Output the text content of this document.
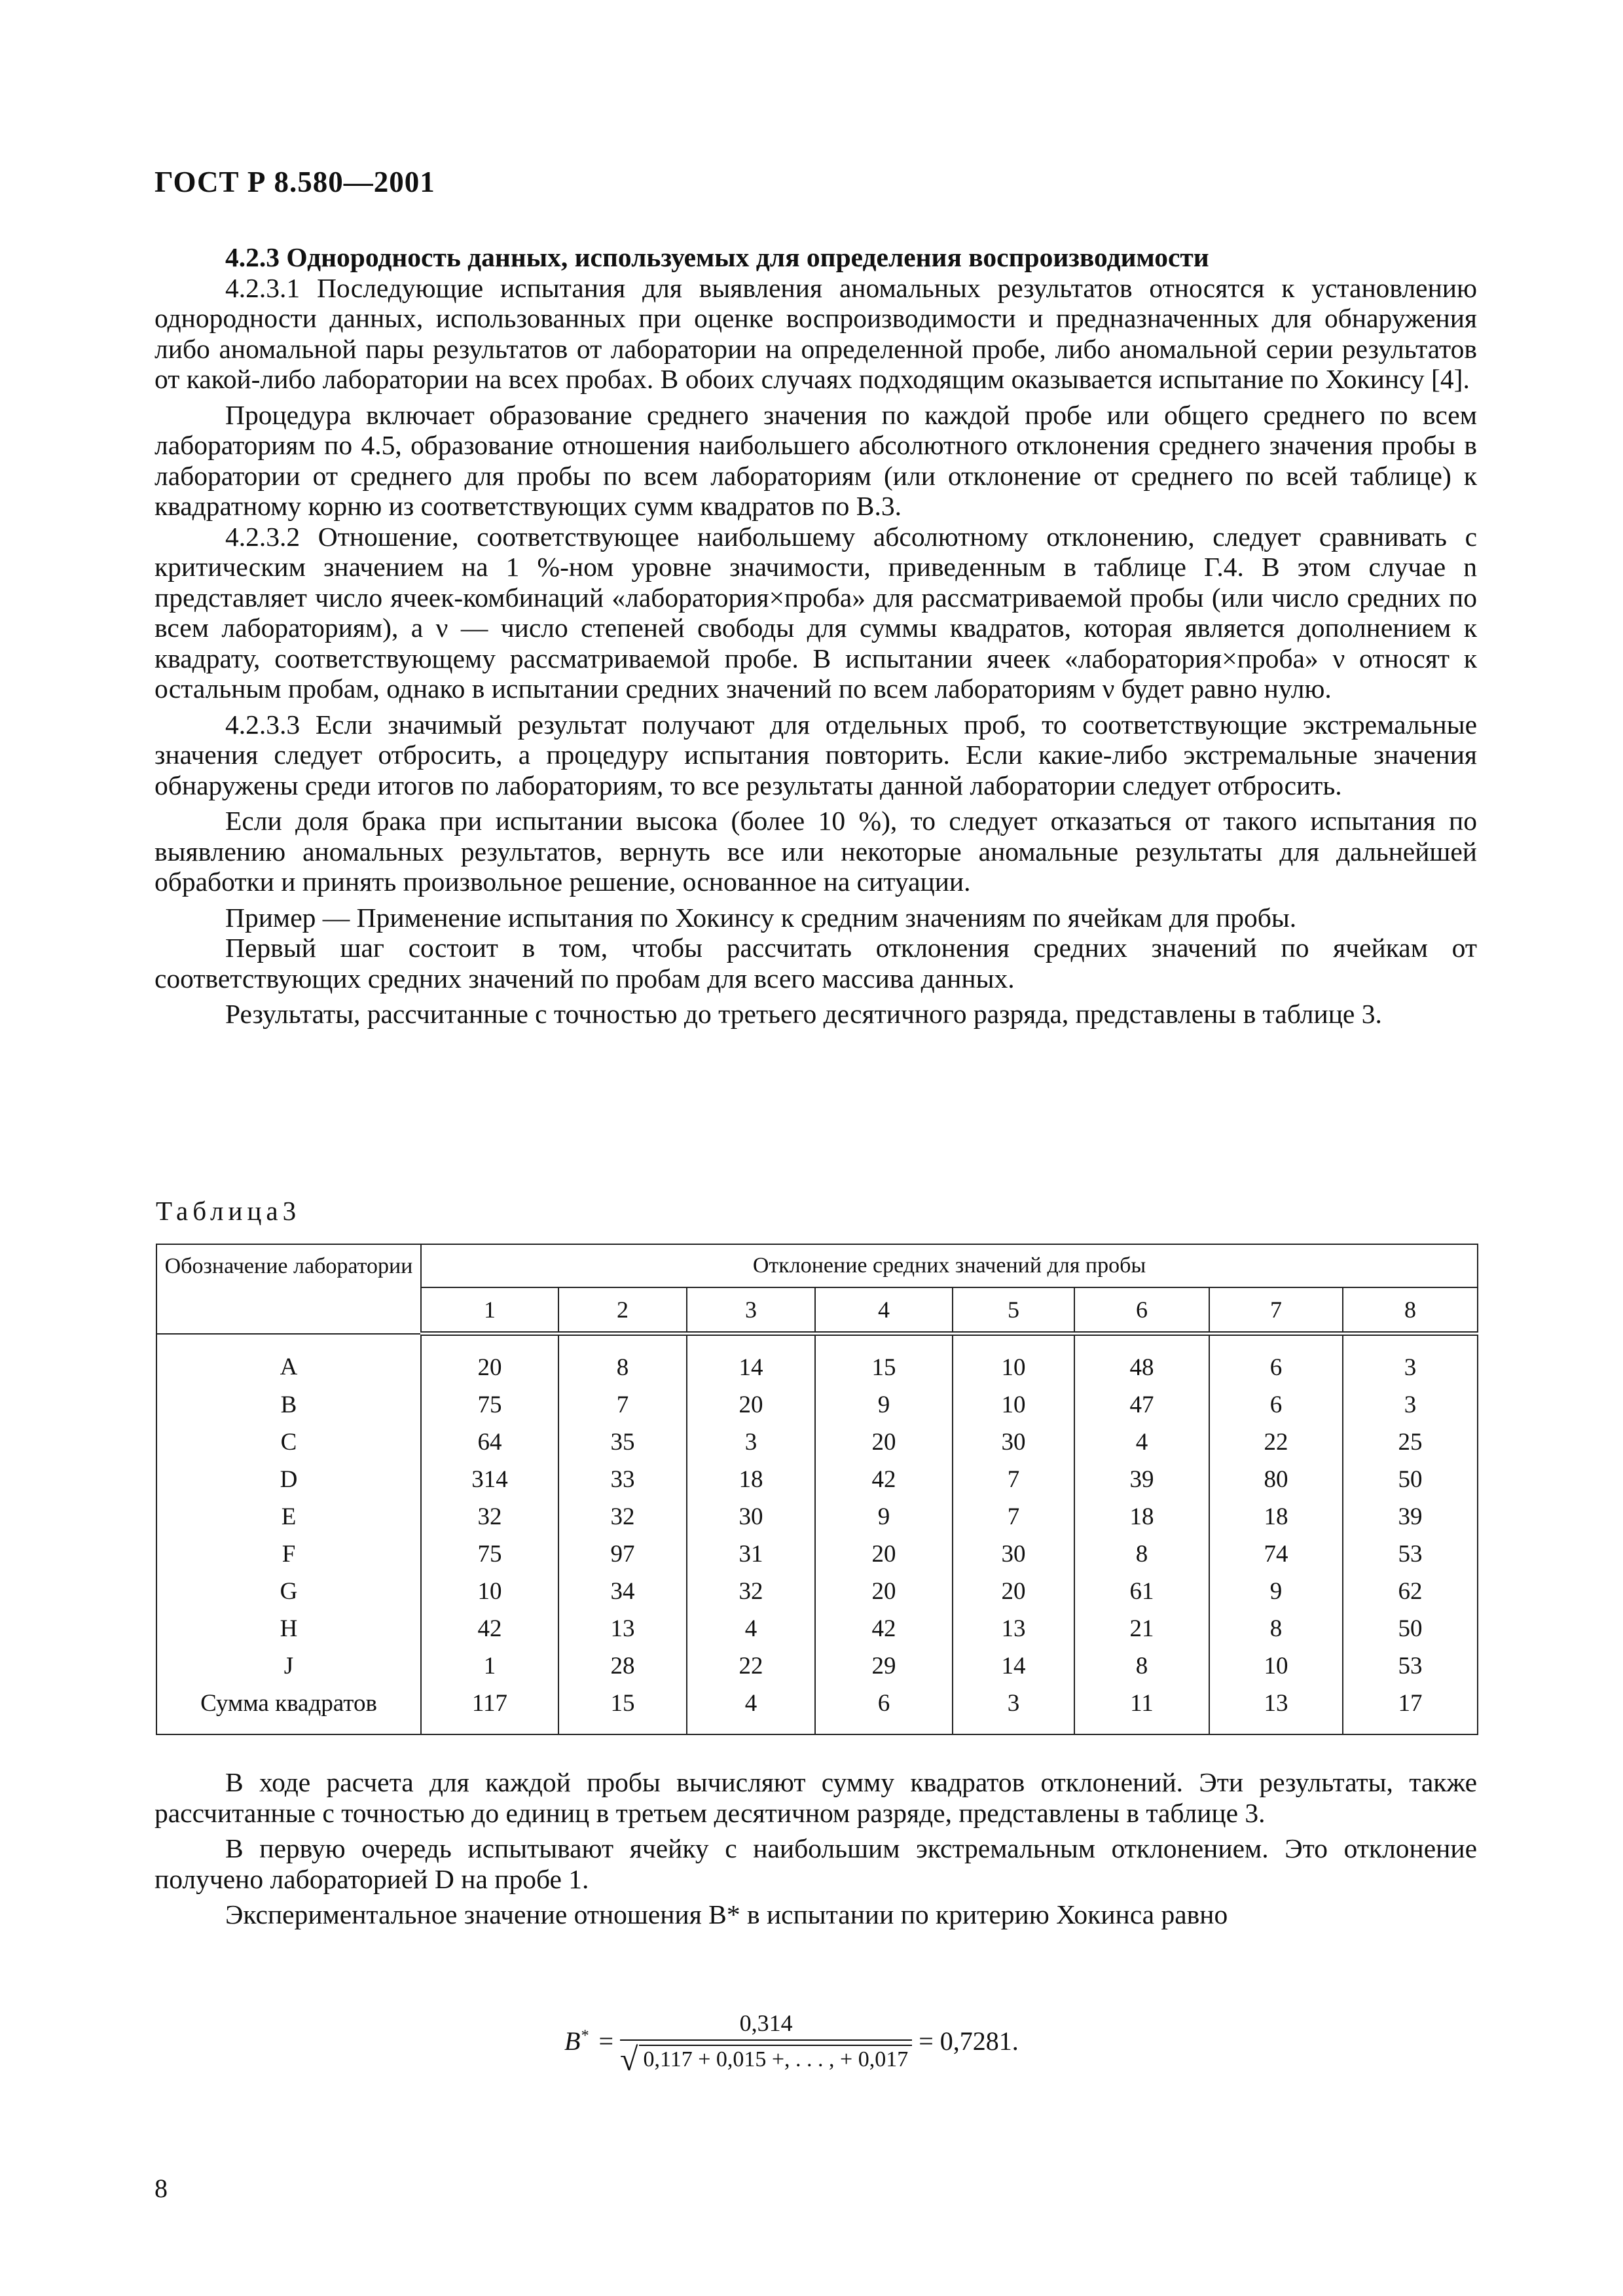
ГОСТ Р 8.580—2001

4.2.3 Однородность данных, используемых для определения воспроизводимости

4.2.3.1 Последующие испытания для выявления аномальных результатов относятся к установлению однородности данных, использованных при оценке воспроизводимости и предназначенных для обнаружения либо аномальной пары результатов от лаборатории на определенной пробе, либо аномальной серии результатов от какой-либо лаборатории на всех пробах. В обоих случаях подходящим оказывается испытание по Хокинсу [4].

Процедура включает образование среднего значения по каждой пробе или общего среднего по всем лабораториям по 4.5, образование отношения наибольшего абсолютного отклонения среднего значения пробы в лаборатории от среднего для пробы по всем лабораториям (или отклонение от среднего по всей таблице) к квадратному корню из соответствующих сумм квадратов по В.3.

4.2.3.2 Отношение, соответствующее наибольшему абсолютному отклонению, следует сравнивать с критическим значением на 1 %-ном уровне значимости, приведенным в таблице Г.4. В этом случае n представляет число ячеек-комбинаций «лаборатория×проба» для рассматриваемой пробы (или число средних по всем лабораториям), а ν — число степеней свободы для суммы квадратов, которая является дополнением к квадрату, соответствующему рассматриваемой пробе. В испытании ячеек «лаборатория×проба» ν относят к остальным пробам, однако в испытании средних значений по всем лабораториям ν будет равно нулю.

4.2.3.3 Если значимый результат получают для отдельных проб, то соответствующие экстремальные значения следует отбросить, а процедуру испытания повторить. Если какие-либо экстремальные значения обнаружены среди итогов по лабораториям, то все результаты данной лаборатории следует отбросить.

Если доля брака при испытании высока (более 10 %), то следует отказаться от такого испытания по выявлению аномальных результатов, вернуть все или некоторые аномальные результаты для дальнейшей обработки и принять произвольное решение, основанное на ситуации.

Пример — Применение испытания по Хокинсу к средним значениям по ячейкам для пробы.

Первый шаг состоит в том, чтобы рассчитать отклонения средних значений по ячейкам от соответствующих средних значений по пробам для всего массива данных.

Результаты, рассчитанные с точностью до третьего десятичного разряда, представлены в таблице 3.

Таблица3
Обозначение лаборатории	Отклонение средних значений для пробы							
	1	2	3	4	5	6	7	8
A	20	8	14	15	10	48	6	3
B	75	7	20	9	10	47	6	3
C	64	35	3	20	30	4	22	25
D	314	33	18	42	7	39	80	50
E	32	32	30	9	7	18	18	39
F	75	97	31	20	30	8	74	53
G	10	34	32	20	20	61	9	62
H	42	13	4	42	13	21	8	50
J	1	28	22	29	14	8	10	53
Сумма квадратов	117	15	4	6	3	11	13	17

В ходе расчета для каждой пробы вычисляют сумму квадратов отклонений. Эти результаты, также рассчитанные с точностью до единиц в третьем десятичном разряде, представлены в таблице 3.

В первую очередь испытывают ячейку с наибольшим экстремальным отклонением. Это отклонение получено лабораторией D на пробе 1.

Экспериментальное значение отношения B* в испытании по критерию Хокинса равно

$B^* = \frac{0,314}{√ 0,117 + 0,015 +, . . . , + 0,017} = 0,7281$.
8
